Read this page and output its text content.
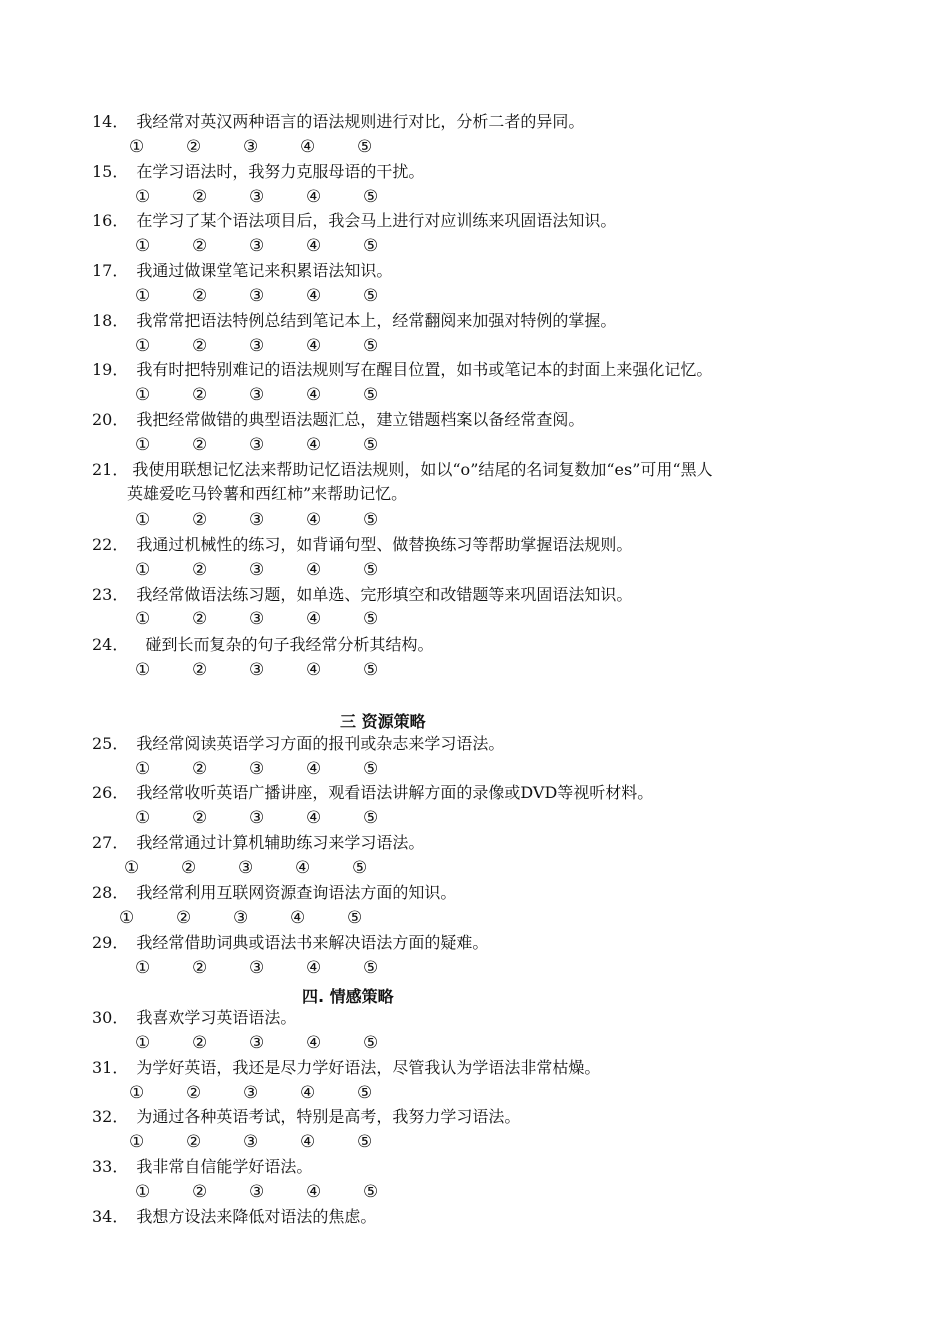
14． 我经常对英汉两种语言的语法规则进行对比，分析二者的异同。
① ② ③ ④ ⑤
15． 在学习语法时，我努力克服母语的干扰。
① ② ③ ④ ⑤
16． 在学习了某个语法项目后，我会马上进行对应训练来巩固语法知识。
① ② ③ ④ ⑤
17． 我通过做课堂笔记来积累语法知识。
① ② ③ ④ ⑤
18． 我常常把语法特例总结到笔记本上，经常翻阅来加强对特例的掌握。
① ② ③ ④ ⑤
19． 我有时把特别难记的语法规则写在醒目位置，如书或笔记本的封面上来强化记忆。
① ② ③ ④ ⑤
20． 我把经常做错的典型语法题汇总，建立错题档案以备经常查阅。
① ② ③ ④ ⑤
21． 我使用联想记忆法来帮助记忆语法规则，如以“o”结尾的名词复数加“es”可用“黑人
英雄爱吃马铃薯和西红柿”来帮助记忆。
① ② ③ ④ ⑤
22． 我通过机械性的练习，如背诵句型、做替换练习等帮助掌握语法规则。
① ② ③ ④ ⑤
23． 我经常做语法练习题，如单选、完形填空和改错题等来巩固语法知识。
① ② ③ ④ ⑤
24． 碰到长而复杂的句子我经常分析其结构。
① ② ③ ④ ⑤
三 资源策略
25． 我经常阅读英语学习方面的报刊或杂志来学习语法。
① ② ③ ④ ⑤
26． 我经常收听英语广播讲座，观看语法讲解方面的录像或DVD等视听材料。
① ② ③ ④ ⑤
27． 我经常通过计算机辅助练习来学习语法。
① ② ③ ④ ⑤
28． 我经常利用互联网资源查询语法方面的知识。
① ② ③ ④ ⑤
29． 我经常借助词典或语法书来解决语法方面的疑难。
① ② ③ ④ ⑤
四. 情感策略
30． 我喜欢学习英语语法。
① ② ③ ④ ⑤
31． 为学好英语，我还是尽力学好语法，尽管我认为学语法非常枯燥。
① ② ③ ④ ⑤
32． 为通过各种英语考试，特别是高考，我努力学习语法。
① ② ③ ④ ⑤
33． 我非常自信能学好语法。
① ② ③ ④ ⑤
34． 我想方设法来降低对语法的焦虑。
